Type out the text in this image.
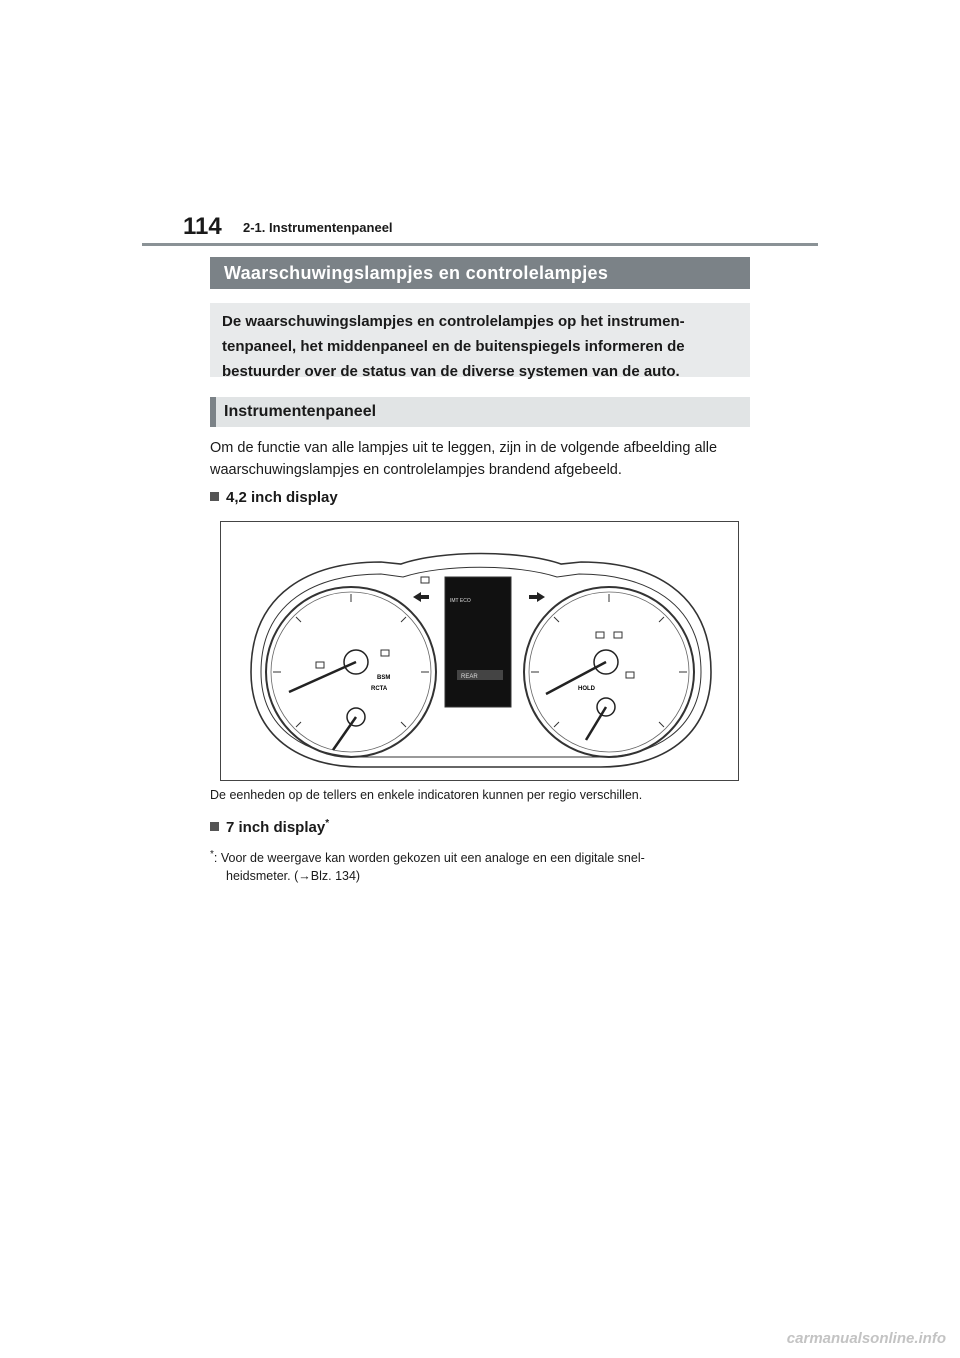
114 2-1. Instrumentenpaneel
Waarschuwingslampjes en controlelampjes
De waarschuwingslampjes en controlelampjes op het instrumen-tenpaneel, het middenpaneel en de buitenspiegels informeren de bestuurder over de status van de diverse systemen van de auto.
Instrumentenpaneel
Om de functie van alle lampjes uit te leggen, zijn in de volgende afbeelding alle waarschuwingslampjes en controlelampjes brandend afgebeeld.
4,2 inch display
BSM
RCTA
REAR
IMT ECO
HOLD
De eenheden op de tellers en enkele indicatoren kunnen per regio verschillen.
7 inch display*
*: Voor de weergave kan worden gekozen uit een analoge en een digitale snel-
heidsmeter. (→Blz. 134)
carmanualsonline.info
